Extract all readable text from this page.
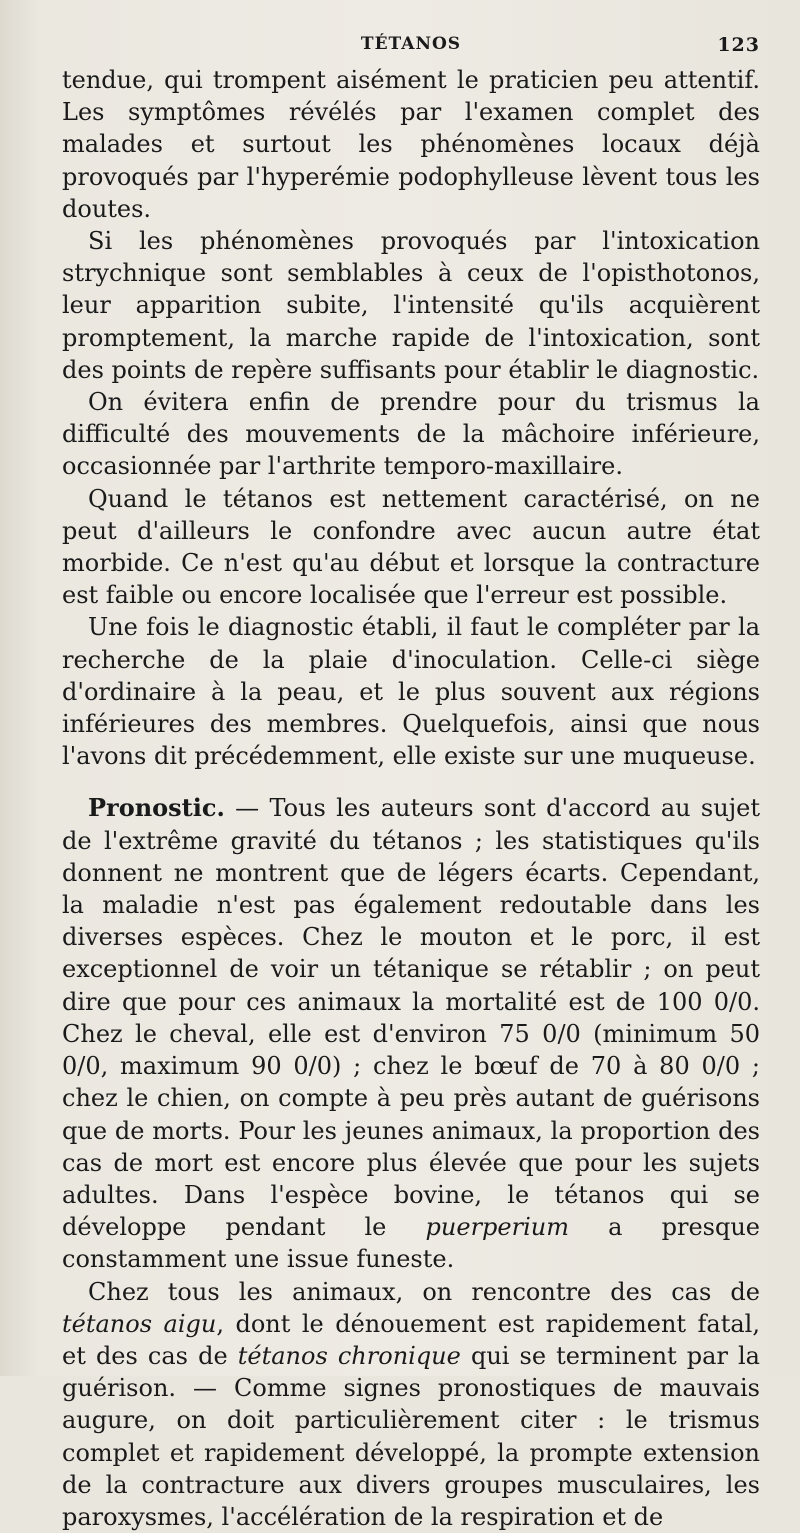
TÉTANOS	123

tendue, qui trompent aisément le praticien peu attentif. Les symptômes révélés par l'examen complet des malades et surtout les phénomènes locaux déjà provoqués par l'hyperémie podophylleuse lèvent tous les doutes.

Si les phénomènes provoqués par l'intoxication strychnique sont semblables à ceux de l'opisthotonos, leur apparition subite, l'intensité qu'ils acquièrent promptement, la marche rapide de l'intoxication, sont des points de repère suffisants pour établir le diagnostic.

On évitera enfin de prendre pour du trismus la difficulté des mouvements de la mâchoire inférieure, occasionnée par l'arthrite temporo-maxillaire.

Quand le tétanos est nettement caractérisé, on ne peut d'ailleurs le confondre avec aucun autre état morbide. Ce n'est qu'au début et lorsque la contracture est faible ou encore localisée que l'erreur est possible.

Une fois le diagnostic établi, il faut le compléter par la recherche de la plaie d'inoculation. Celle-ci siège d'ordinaire à la peau, et le plus souvent aux régions inférieures des membres. Quelquefois, ainsi que nous l'avons dit précédemment, elle existe sur une muqueuse.

Pronostic. — Tous les auteurs sont d'accord au sujet de l'extrême gravité du tétanos ; les statistiques qu'ils donnent ne montrent que de légers écarts. Cependant, la maladie n'est pas également redoutable dans les diverses espèces. Chez le mouton et le porc, il est exceptionnel de voir un tétanique se rétablir ; on peut dire que pour ces animaux la mortalité est de 100 0/0. Chez le cheval, elle est d'environ 75 0/0 (minimum 50 0/0, maximum 90 0/0) ; chez le bœuf de 70 à 80 0/0 ; chez le chien, on compte à peu près autant de guérisons que de morts. Pour les jeunes animaux, la proportion des cas de mort est encore plus élevée que pour les sujets adultes. Dans l'espèce bovine, le tétanos qui se développe pendant le puerperium a presque constamment une issue funeste.

Chez tous les animaux, on rencontre des cas de tétanos aigu, dont le dénouement est rapidement fatal, et des cas de tétanos chronique qui se terminent par la guérison. — Comme signes pronostiques de mauvais augure, on doit particulièrement citer : le trismus complet et rapidement développé, la prompte extension de la contracture aux divers groupes musculaires, les paroxysmes, l'accélération de la respiration et de
